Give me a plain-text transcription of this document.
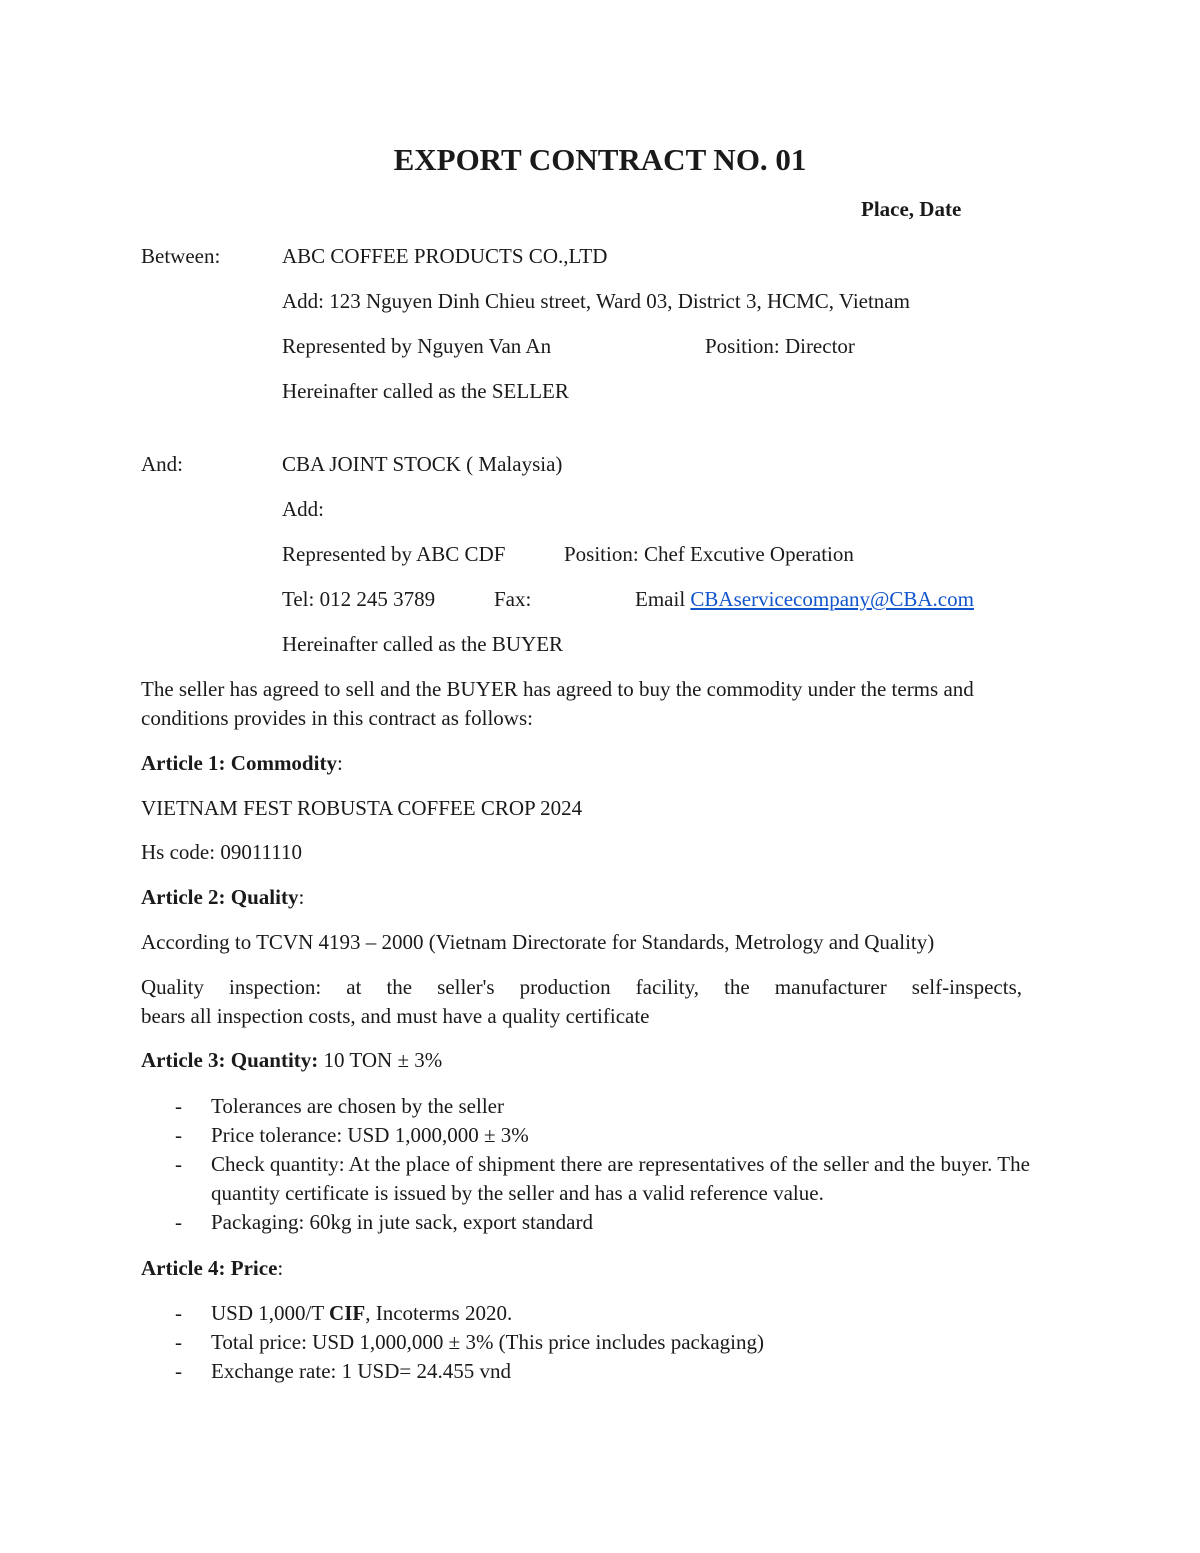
EXPORT CONTRACT NO. 01
Place, Date
Between:	ABC COFFEE PRODUCTS CO.,LTD
Add: 123 Nguyen Dinh Chieu street, Ward 03, District 3, HCMC, Vietnam
Represented by Nguyen Van An	Position: Director
Hereinafter called as the SELLER
And:	CBA JOINT STOCK ( Malaysia)
Add:
Represented by ABC CDF	Position: Chef Excutive Operation
Tel: 012 245 3789	Fax:	Email CBAservicecompany@CBA.com
Hereinafter called as the BUYER
The seller has agreed to sell and the BUYER has agreed to buy the commodity under the terms and conditions provides in this contract as follows:
Article 1: Commodity:
VIETNAM FEST ROBUSTA COFFEE CROP 2024
Hs code: 09011110
Article 2: Quality:
According to TCVN 4193 – 2000 (Vietnam Directorate for Standards, Metrology and Quality)
Quality inspection: at the seller's production facility, the manufacturer self-inspects,
bears all inspection costs, and must have a quality certificate
Article 3: Quantity: 10 TON ± 3%
- Tolerances are chosen by the seller
- Price tolerance: USD 1,000,000 ± 3%
- Check quantity: At the place of shipment there are representatives of the seller and the buyer. The quantity certificate is issued by the seller and has a valid reference value.
- Packaging: 60kg in jute sack, export standard
Article 4: Price:
- USD 1,000/T CIF, Incoterms 2020.
- Total price: USD 1,000,000 ± 3% (This price includes packaging)
- Exchange rate: 1 USD= 24.455 vnd
